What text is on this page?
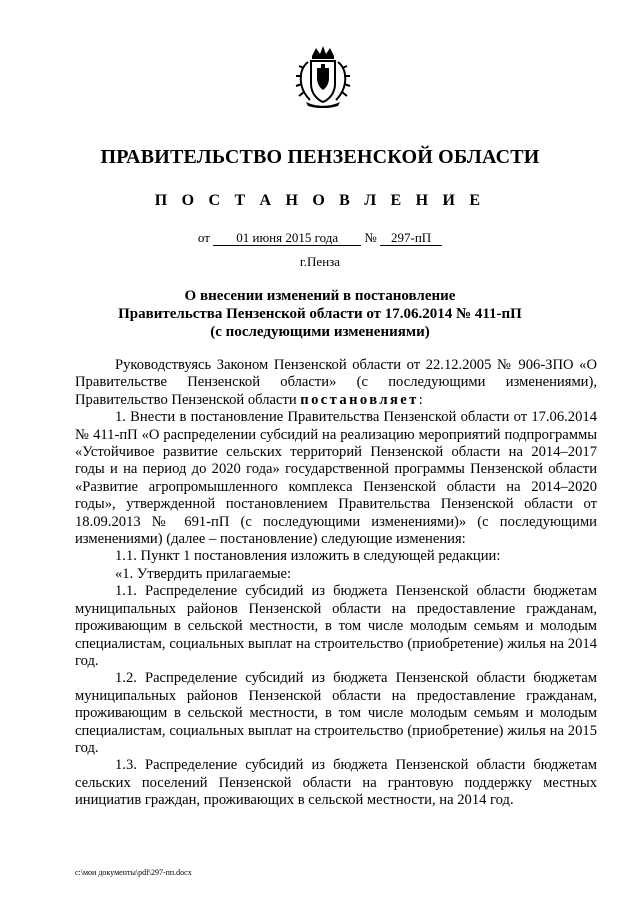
ПРАВИТЕЛЬСТВО ПЕНЗЕНСКОЙ ОБЛАСТИ
П О С Т А Н О В Л Е Н И Е
от 01 июня 2015 года № 297-пП
г.Пенза
О внесении изменений в постановление
Правительства Пензенской области от 17.06.2014 № 411-пП
(с последующими изменениями)

Руководствуясь Законом Пензенской области от 22.12.2005 № 906-ЗПО «О Правительстве Пензенской области» (с последующими изменениями), Правительство Пензенской области постановляет:

1. Внести в постановление Правительства Пензенской области от 17.06.2014 № 411-пП «О распределении субсидий на реализацию мероприятий подпрограммы «Устойчивое развитие сельских территорий Пензенской области на 2014–2017 годы и на период до 2020 года» государственной программы Пензенской области «Развитие агропромышленного комплекса Пензенской области на 2014–2020 годы», утвержденной постановлением Правительства Пензенской области от 18.09.2013 № 691-пП (с последующими изменениями)» (с последующими изменениями) (далее – постановление) следующие изменения:

1.1. Пункт 1 постановления изложить в следующей редакции:

«1. Утвердить прилагаемые:

1.1. Распределение субсидий из бюджета Пензенской области бюджетам муниципальных районов Пензенской области на предоставление гражданам, проживающим в сельской местности, в том числе молодым семьям и молодым специалистам, социальных выплат на строительство (приобретение) жилья на 2014 год.

1.2. Распределение субсидий из бюджета Пензенской области бюджетам муниципальных районов Пензенской области на предоставление гражданам, проживающим в сельской местности, в том числе молодым семьям и молодым специалистам, социальных выплат на строительство (приобретение) жилья на 2015 год.

1.3. Распределение субсидий из бюджета Пензенской области бюджетам сельских поселений Пензенской области на грантовую поддержку местных инициатив граждан, проживающих в сельской местности, на 2014 год.

c:\мои документы\pdf\297-пп.docx
